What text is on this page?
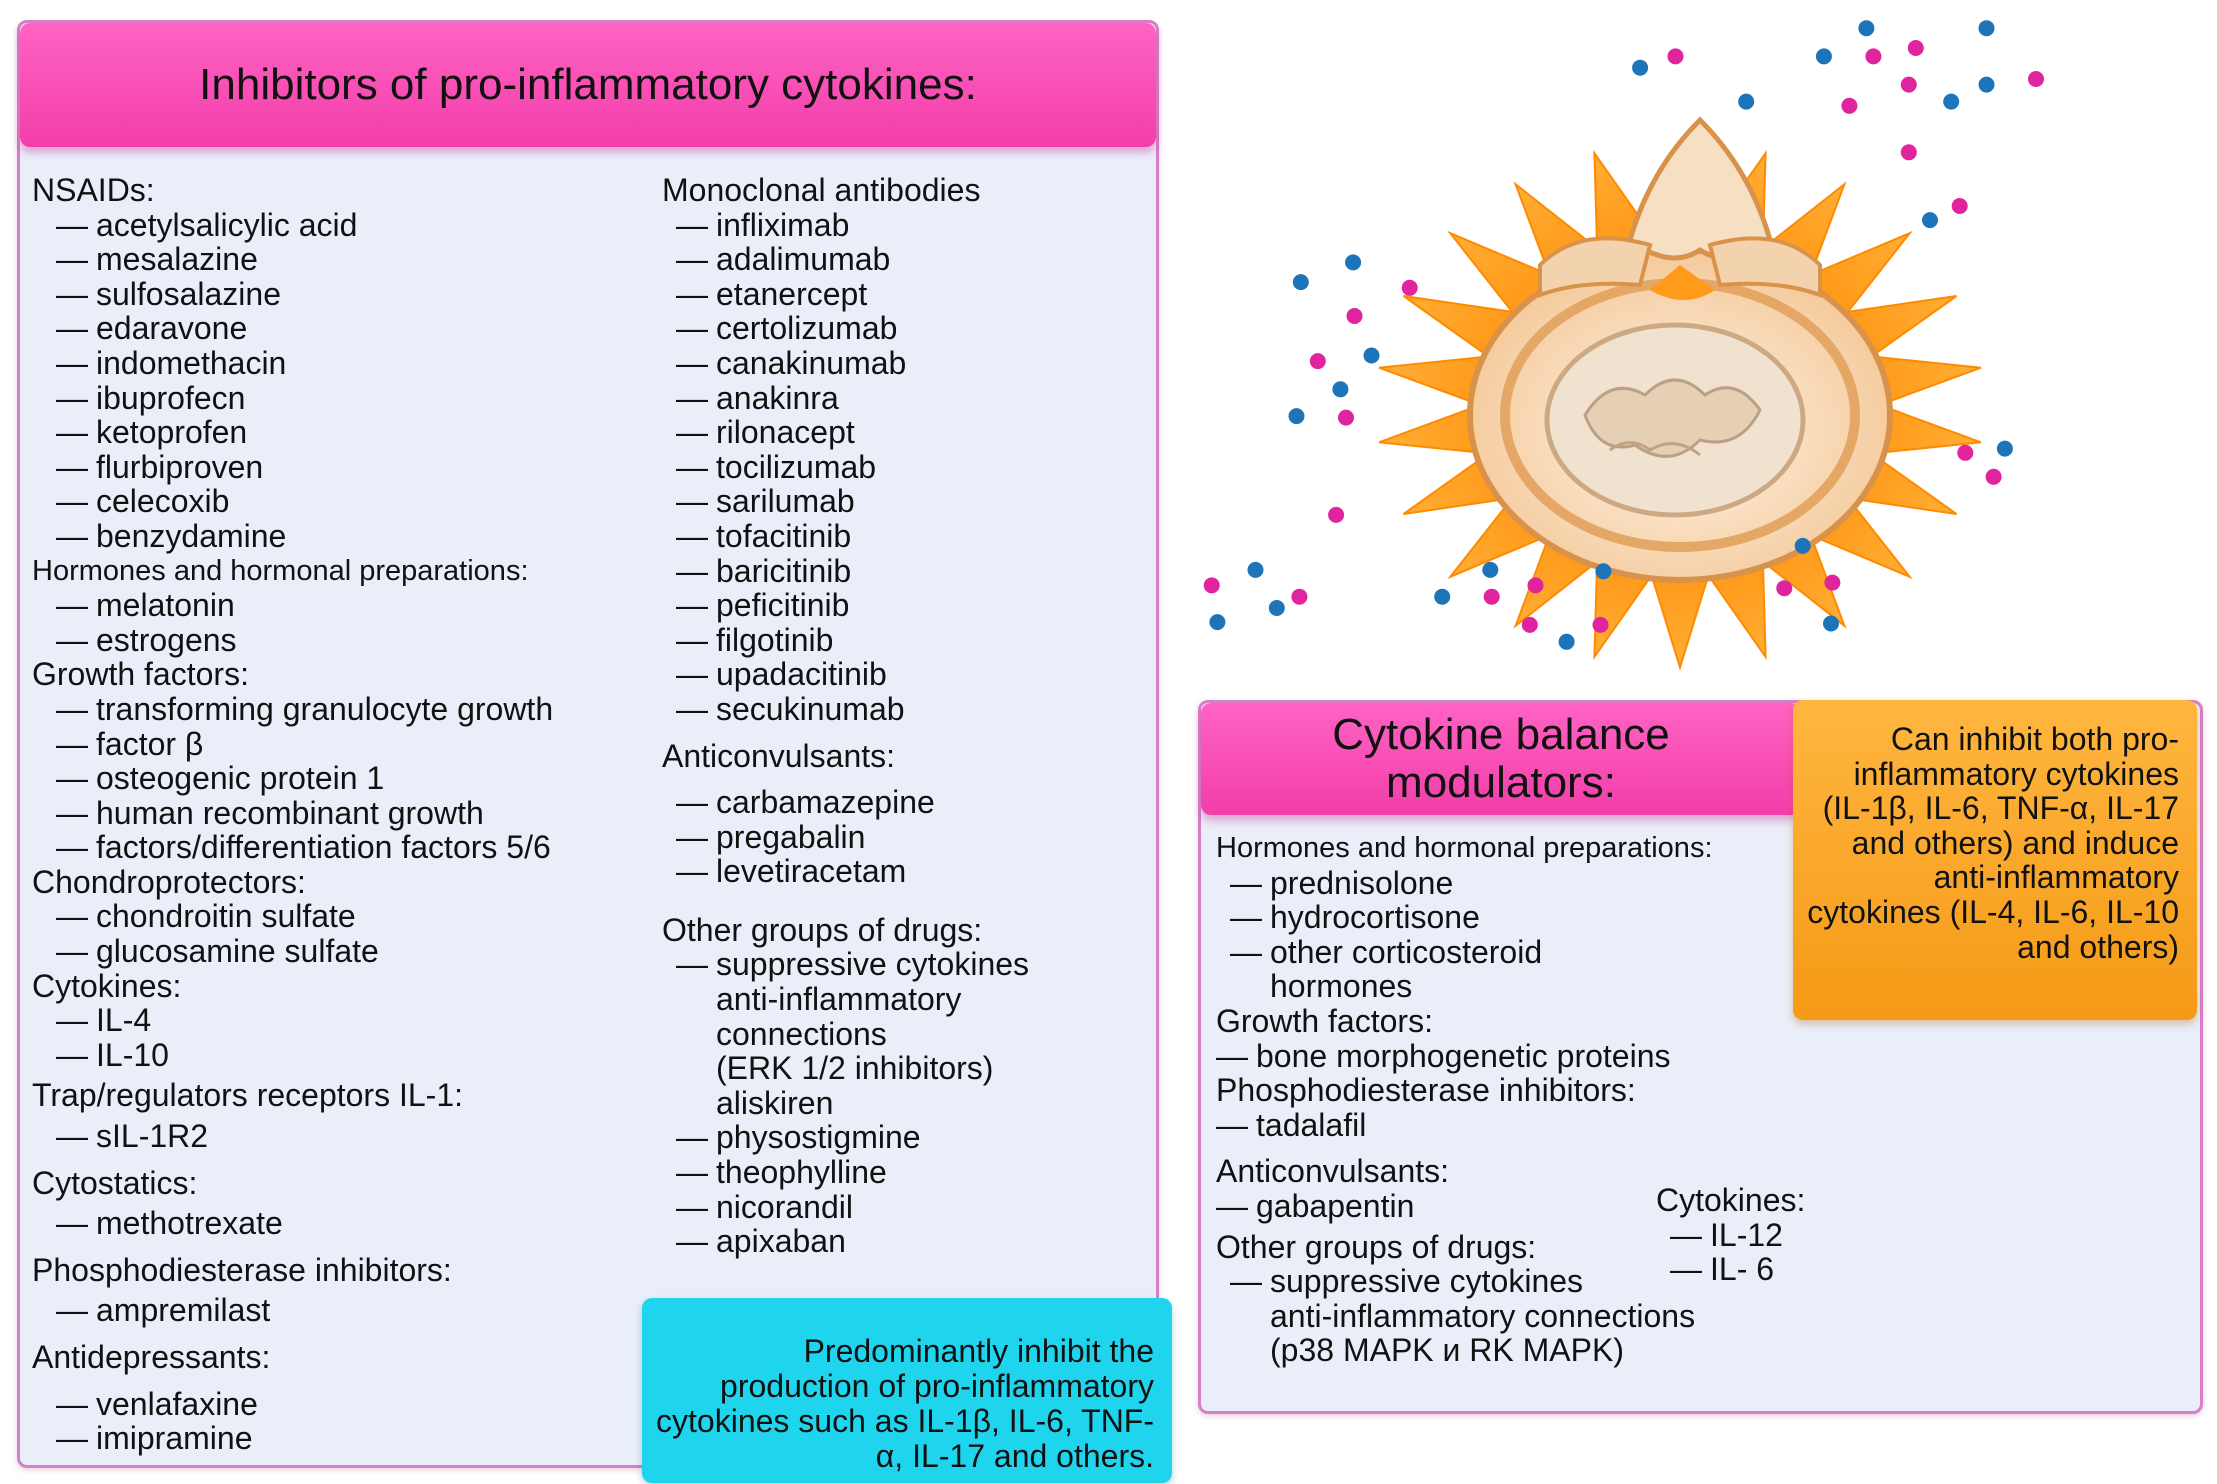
Inhibitors of pro-inflammatory cytokines:
NSAIDs:
— acetylsalicylic acid
— mesalazine
— sulfosalazine
— edaravone
— indomethacin
— ibuprofecn
— ketoprofen
— flurbiproven
— celecoxib
— benzydamine
Hormones and hormonal preparations:
— melatonin
— estrogens
Growth factors:
— transforming granulocyte growth
— factor β
— osteogenic protein 1
— human recombinant growth
— factors/differentiation factors 5/6
Chondroprotectors:
— chondroitin sulfate
— glucosamine sulfate
Cytokines:
— IL-4
— IL-10
Trap/regulators receptors IL-1:
— sIL-1R2
Cytostatics:
— methotrexate
Phosphodiesterase inhibitors:
— ampremilast
Antidepressants:
— venlafaxine
— imipramine
Monoclonal antibodies
— infliximab
— adalimumab
— etanercept
— certolizumab
— canakinumab
— anakinra
— rilonacept
— tocilizumab
— sarilumab
— tofacitinib
— baricitinib
— peficitinib
— filgotinib
— upadacitinib
— secukinumab
Anticonvulsants:
— carbamazepine
— pregabalin
— levetiracetam
Other groups of drugs:
— suppressive cytokines
anti-inflammatory
connections
(ERK 1/2 inhibitors)
aliskiren
— physostigmine
— theophylline
— nicorandil
— apixaban
Predominantly inhibit the production of pro-inflammatory cytokines such as IL-1β, IL-6, TNF-α, IL-17 and others.
Cytokine balance
modulators:
Hormones and hormonal preparations:
— prednisolone
— hydrocortisone
— other corticosteroid
hormones
Growth factors:
— bone morphogenetic proteins
Phosphodiesterase inhibitors:
— tadalafil
Anticonvulsants:
— gabapentin
Other groups of drugs:
— suppressive cytokines
anti-inflammatory connections
(p38 MAPK и RK MAPK)
Cytokines:
— IL-12
— IL- 6
Can inhibit both pro-inflammatory cytokines (IL-1β, IL-6, TNF-α, IL-17 and others) and induce anti-inflammatory cytokines (IL-4, IL-6, IL-10 and others)
